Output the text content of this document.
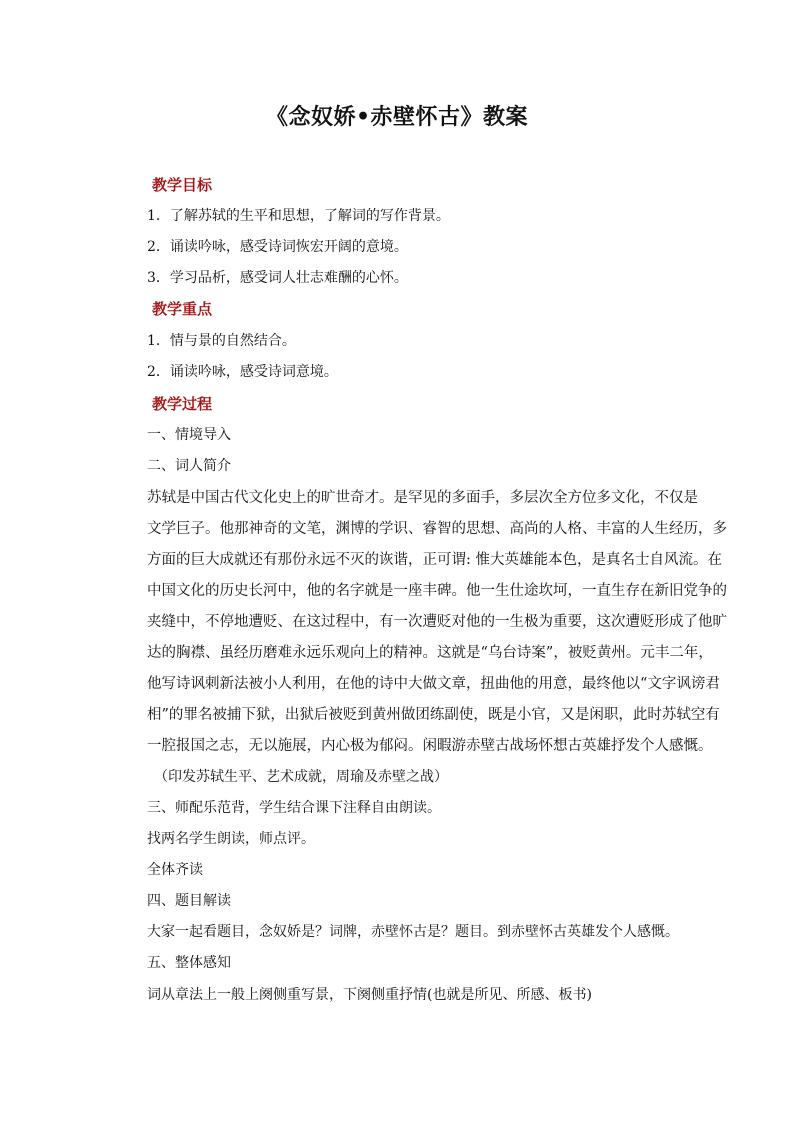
《念奴娇•赤壁怀古》教案
教学目标
1．了解苏轼的生平和思想，了解词的写作背景。
2．诵读吟咏，感受诗词恢宏开阔的意境。
3．学习品析，感受词人壮志难酬的心怀。
教学重点
1．情与景的自然结合。
2．诵读吟咏，感受诗词意境。
教学过程
一、情境导入
二、词人简介
苏轼是中国古代文化史上的旷世奇才。是罕见的多面手，多层次全方位多文化，不仅是
文学巨子。他那神奇的文笔，渊博的学识、睿智的思想、高尚的人格、丰富的人生经历，多
方面的巨大成就还有那份永远不灭的诙谐，正可谓: 惟大英雄能本色，是真名士自风流。在
中国文化的历史长河中，他的名字就是一座丰碑。他一生仕途坎坷，一直生存在新旧党争的
夹缝中，不停地遭贬、在这过程中，有一次遭贬对他的一生极为重要，这次遭贬形成了他旷
达的胸襟、虽经历磨难永远乐观向上的精神。这就是“乌台诗案”，被贬黄州。元丰二年，
他写诗讽刺新法被小人利用，在他的诗中大做文章，扭曲他的用意，最终他以“文字讽谤君
相”的罪名被捕下狱，出狱后被贬到黄州做团练副使，既是小官，又是闲职，此时苏轼空有
一腔报国之志，无以施展，内心极为郁闷。闲暇游赤壁古战场怀想古英雄抒发个人感慨。
（印发苏轼生平、艺术成就，周瑜及赤壁之战）
三、师配乐范背，学生结合课下注释自由朗读。
找两名学生朗读，师点评。
全体齐读
四、题目解读
大家一起看题目，念奴娇是？词牌，赤壁怀古是？题目。到赤壁怀古英雄发个人感慨。
五、整体感知
词从章法上一般上阕侧重写景，下阕侧重抒情(也就是所见、所感、板书)
